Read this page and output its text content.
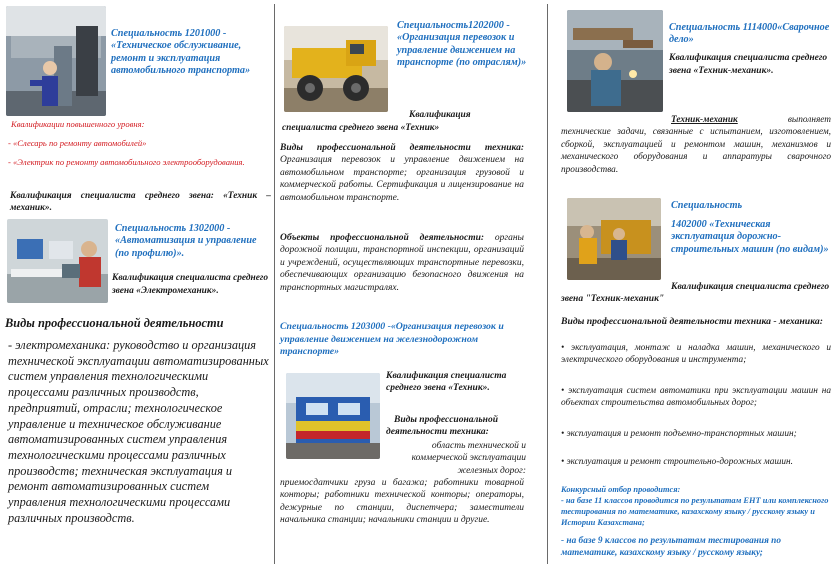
Специальность 1201000 - «Техническое обслуживание, ремонт и эксплуатация автомобильного транспорта»
Квалификации повышенного уровня:
- «Слесарь по ремонту автомобилей»
- «Электрик по ремонту автомобильного электрооборудования.
Квалификация специалиста среднего звена: «Техник – механик».
Специальность 1302000 - «Автоматизация и управление (по профилю)».
Квалификация специалиста среднего звена «Электромеханик».
Виды профессиональной деятельности
- электромеханика: руководство и организация технической эксплуатации автоматизированных систем управления технологическими процессами различных производств, предприятий, отрасли; технологическое управление и техническое обслуживание автоматизированных систем управления технологическими процессами различных производств; техническая эксплуатация и ремонт автоматизированных систем управления технологическими процессами различных производств.
Специальность1202000 - «Организация перевозок и управление движением на транспорте (по отраслям)»
Квалификация специалиста среднего звена «Техник»
Виды профессиональной деятельности техника: Организация перевозок и управление движением на автомобильном транспорте; организация грузовой и коммерческой работы. Сертификация и лицензирование на автомобильном транспорте.
Объекты профессиональной деятельности: органы дорожной полиции, транспортной инспекции, организаций и учреждений, осуществляющих транспортные перевозки, обеспечивающих организацию безопасного движения на транспортных магистралях.
Специальность 1203000 -«Организация перевозок и управление движением на железнодорожном транспорте»
Квалификация специалиста среднего звена «Техник».
Виды профессиональной деятельности техника:
область технической и коммерческой эксплуатации железных дорог:
приемосдатчики груза и багажа; работники товарной конторы; работники технической конторы; операторы, дежурные по станции, диспетчера; заместители начальника станции; начальники станции и другие.
Специальность 1114000«Сварочное дело»
Квалификация специалиста среднего звена «Техник-механик».
Техник-механик	выполняет технические задачи, связанные с испытанием, изготовлением, сборкой, эксплуатацией и ремонтом машин, механизмов и механического оборудования и аппаратуры сварочного производства.
Специальность
1402000 «Техническая эксплуатация дорожно-строительных машин (по видам)»
Квалификация специалиста среднего звена "Техник-механик"
Виды профессиональной деятельности техника - механика:
• эксплуатация, монтаж и наладка машин, механического и электрического оборудования и инструмента;
• эксплуатация систем автоматики при эксплуатации машин на объектах строительства автомобильных дорог;
• эксплуатация и ремонт подъемно-транспортных машин;
• эксплуатация и ремонт строительно-дорожных машин.
Конкурсный отбор проводится:
- на базе 11 классов проводится по результатам ЕНТ или комплексного тестирования по математике, казахскому языку / русскому языку и Истории Казахстана;
- на базе 9 классов по результатам тестирования по математике, казахскому языку / русскому языку;
